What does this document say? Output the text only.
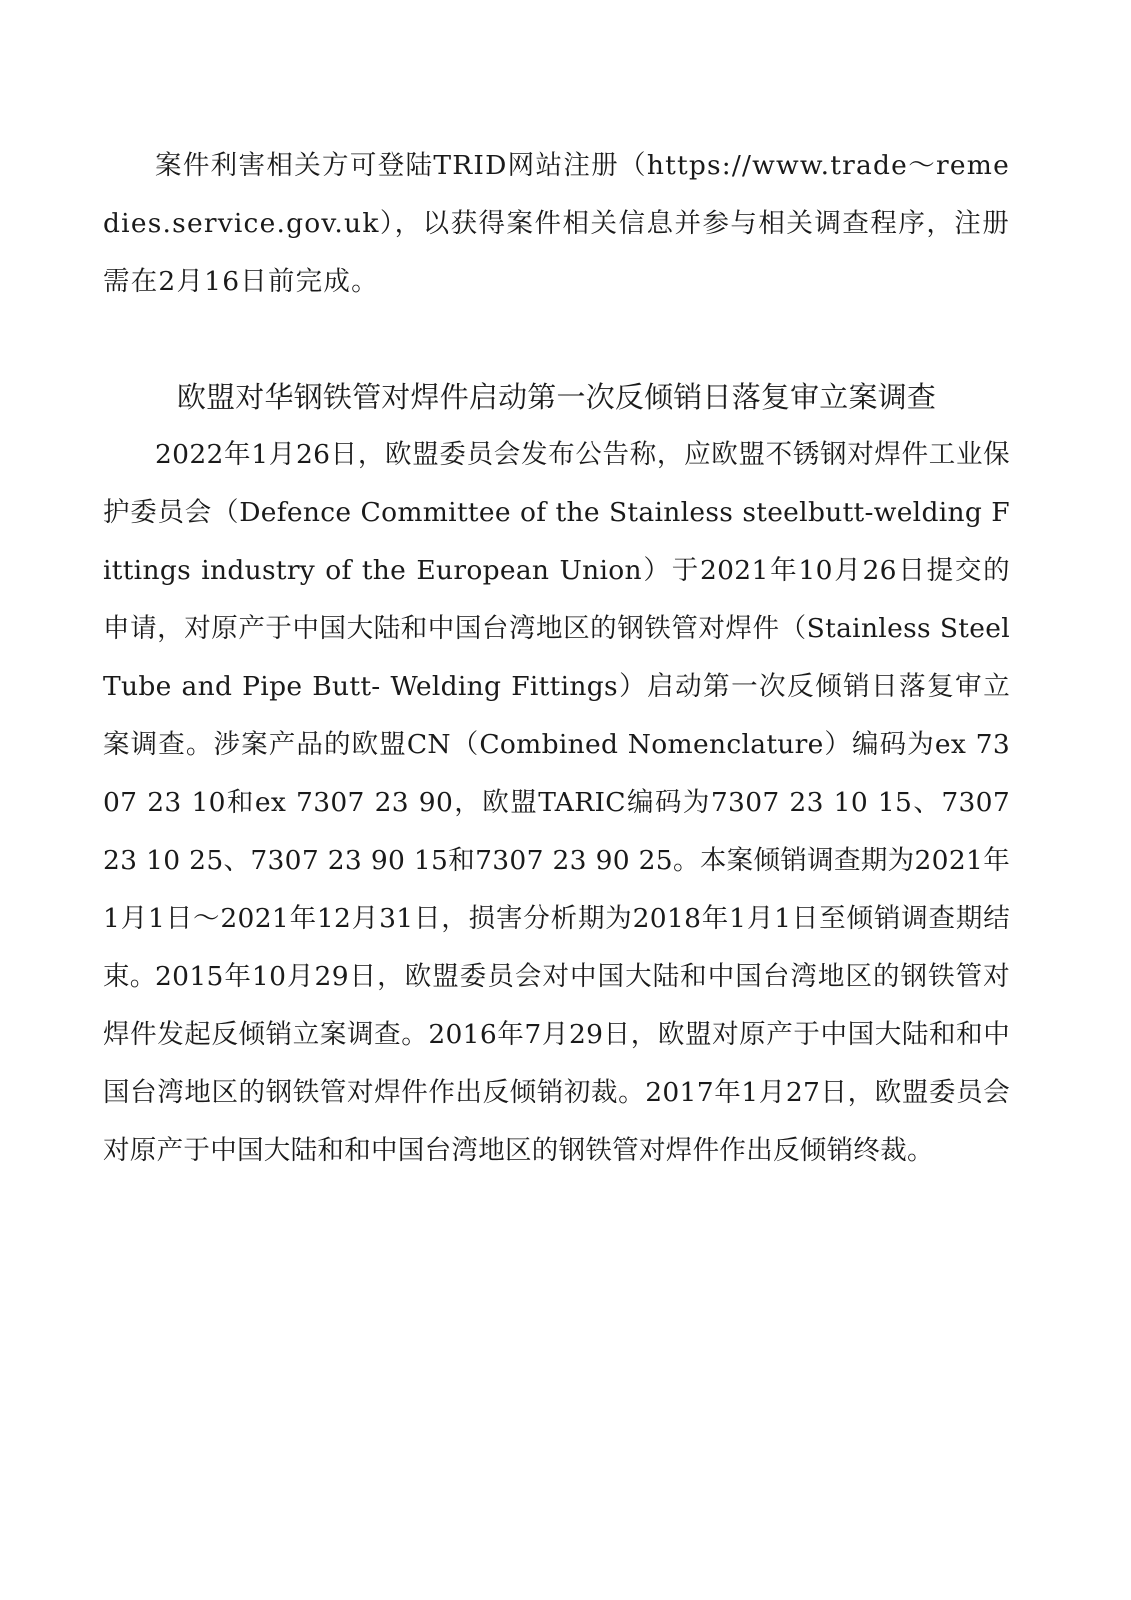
案件利害相关方可登陆TRID网站注册（https://www.trade～remedies.service.gov.uk），以获得案件相关信息并参与相关调查程序，注册需在2月16日前完成。

欧盟对华钢铁管对焊件启动第一次反倾销日落复审立案调查

2022年1月26日，欧盟委员会发布公告称，应欧盟不锈钢对焊件工业保护委员会（Defence Committee of the Stainless steelbutt-welding Fittings industry of the European Union）于2021年10月26日提交的申请，对原产于中国大陆和中国台湾地区的钢铁管对焊件（Stainless Steel Tube and Pipe Butt- Welding Fittings）启动第一次反倾销日落复审立案调查。涉案产品的欧盟CN（Combined Nomenclature）编码为ex 7307 23 10和ex 7307 23 90，欧盟TARIC编码为7307 23 10 15、7307 23 10 25、7307 23 90 15和7307 23 90 25。本案倾销调查期为2021年1月1日～2021年12月31日，损害分析期为2018年1月1日至倾销调查期结束。

2015年10月29日，欧盟委员会对中国大陆和中国台湾地区的钢铁管对焊件发起反倾销立案调查。2016年7月29日，欧盟对原产于中国大陆和和中国台湾地区的钢铁管对焊件作出反倾销初裁。2017年1月27日，欧盟委员会对原产于中国大陆和和中国台湾地区的钢铁管对焊件作出反倾销终裁。
